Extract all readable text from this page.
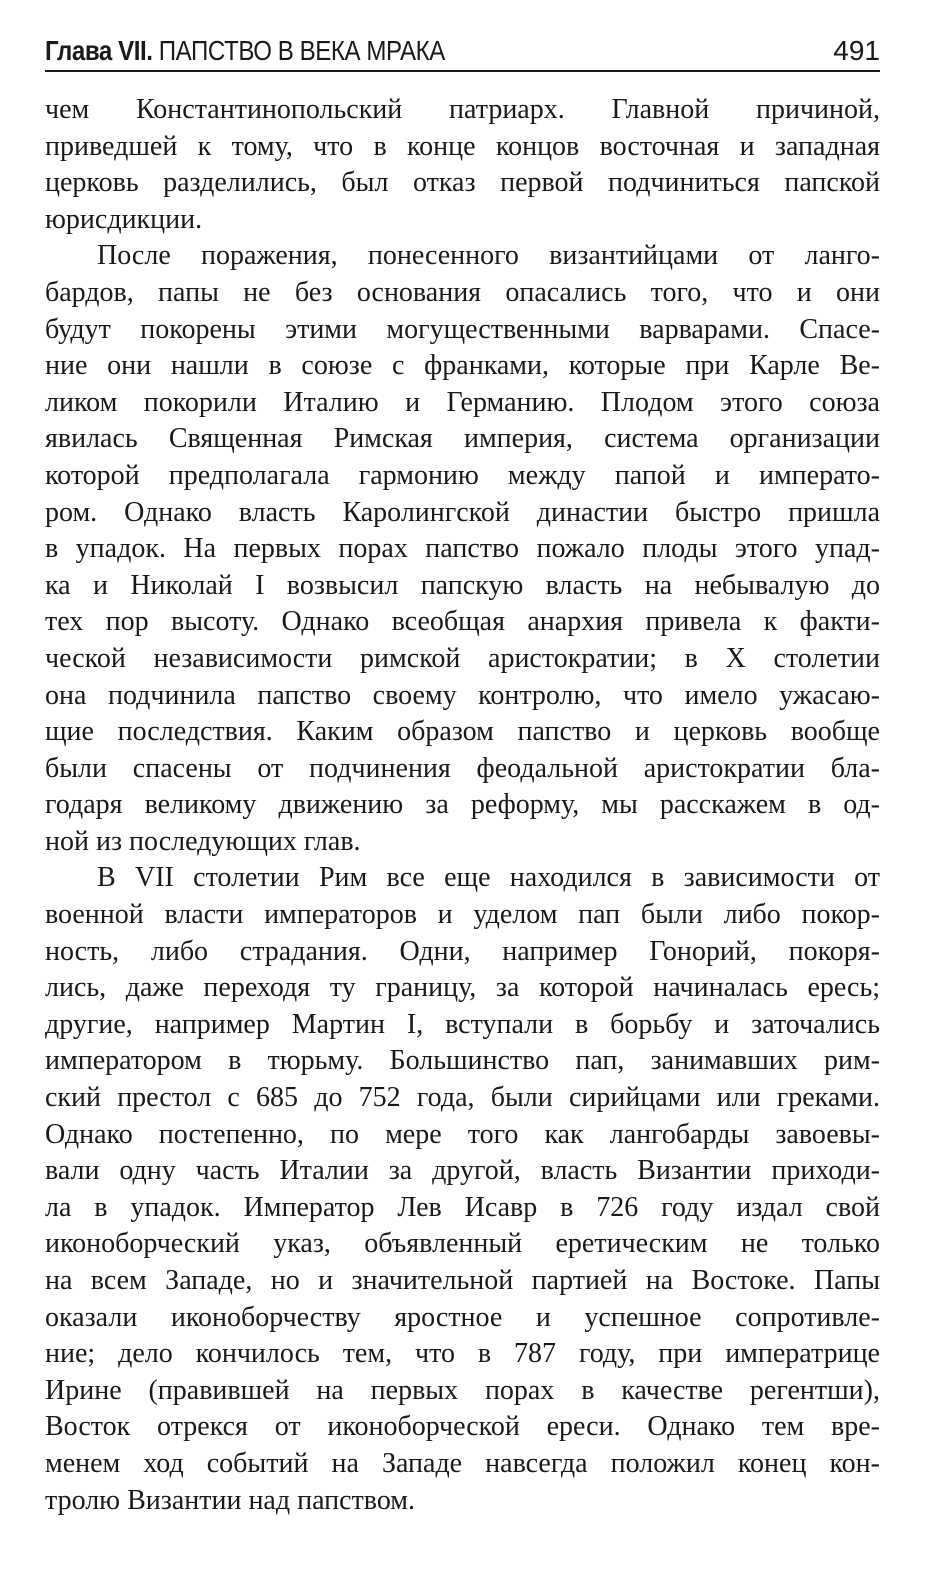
Глава VII. ПАПСТВО В ВЕКА МРАКА	491

чем Константинопольский патриарх. Главной причиной,
приведшей к тому, что в конце концов восточная и западная
церковь разделились, был отказ первой подчиниться папской
юрисдикции.

После поражения, понесенного византийцами от ланго-
бардов, папы не без основания опасались того, что и они
будут покорены этими могущественными варварами. Спасе-
ние они нашли в союзе с франками, которые при Карле Ве-
ликом покорили Италию и Германию. Плодом этого союза
явилась Священная Римская империя, система организации
которой предполагала гармонию между папой и императо-
ром. Однако власть Каролингской династии быстро пришла
в упадок. На первых порах папство пожало плоды этого упад-
ка и Николай I возвысил папскую власть на небывалую до
тех пор высоту. Однако всеобщая анархия привела к факти-
ческой независимости римской аристократии; в X столетии
она подчинила папство своему контролю, что имело ужасаю-
щие последствия. Каким образом папство и церковь вообще
были спасены от подчинения феодальной аристократии бла-
годаря великому движению за реформу, мы расскажем в од-
ной из последующих глав.

В VII столетии Рим все еще находился в зависимости от
военной власти императоров и уделом пап были либо покор-
ность, либо страдания. Одни, например Гонорий, покоря-
лись, даже переходя ту границу, за которой начиналась ересь;
другие, например Мартин I, вступали в борьбу и заточались
императором в тюрьму. Большинство пап, занимавших рим-
ский престол с 685 до 752 года, были сирийцами или греками.
Однако постепенно, по мере того как лангобарды завоевы-
вали одну часть Италии за другой, власть Византии приходи-
ла в упадок. Император Лев Исавр в 726 году издал свой
иконоборческий указ, объявленный еретическим не только
на всем Западе, но и значительной партией на Востоке. Папы
оказали иконоборчеству яростное и успешное сопротивле-
ние; дело кончилось тем, что в 787 году, при императрице
Ирине (правившей на первых порах в качестве регентши),
Восток отрекся от иконоборческой ереси. Однако тем вре-
менем ход событий на Западе навсегда положил конец кон-
тролю Византии над папством.
